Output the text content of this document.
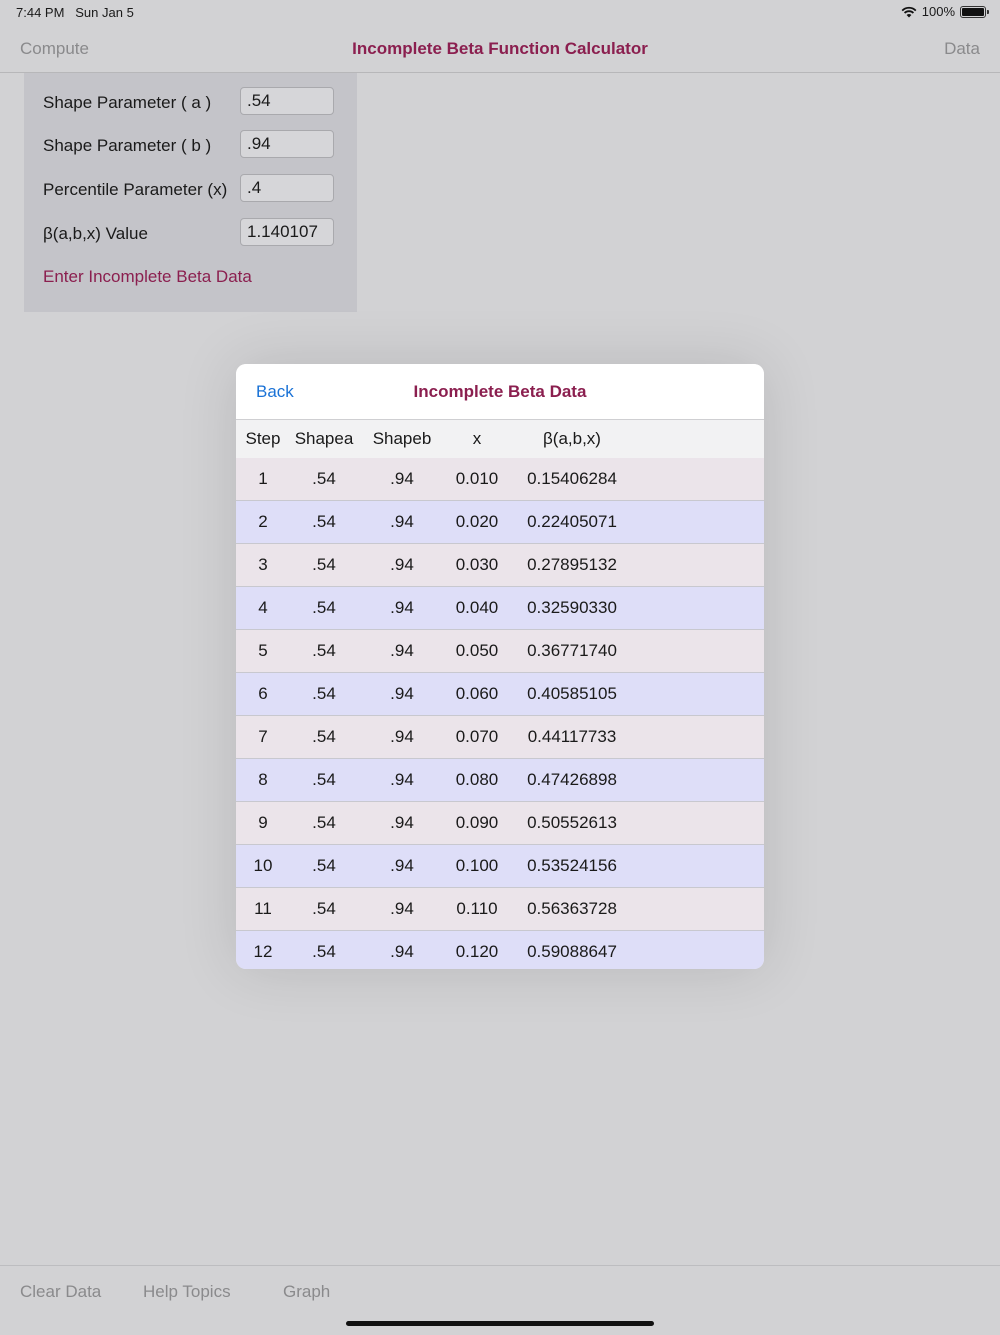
7:44 PM Sun Jan 5	100%
Compute	Incomplete Beta Function Calculator	Data
Shape Parameter ( a )	.54
Shape Parameter ( b )	.94
Percentile Parameter (x)	.4
β(a,b,x) Value	1.140107
Enter Incomplete Beta Data
Back	Incomplete Beta Data
Step Shapea	Shapeb	x	β(a,b,x)
1	.54	.94	0.010	0.15406284
2	.54	.94	0.020	0.22405071
3	.54	.94	0.030	0.27895132
4	.54	.94	0.040	0.32590330
5	.54	.94	0.050	0.36771740
6	.54	.94	0.060	0.40585105
7	.54	.94	0.070	0.44117733
8	.54	.94	0.080	0.47426898
9	.54	.94	0.090	0.50552613
10	.54	.94	0.100	0.53524156
11	.54	.94	0.110	0.56363728
12	.54	.94	0.120	0.59088647
Clear Data Help Topics	Graph
